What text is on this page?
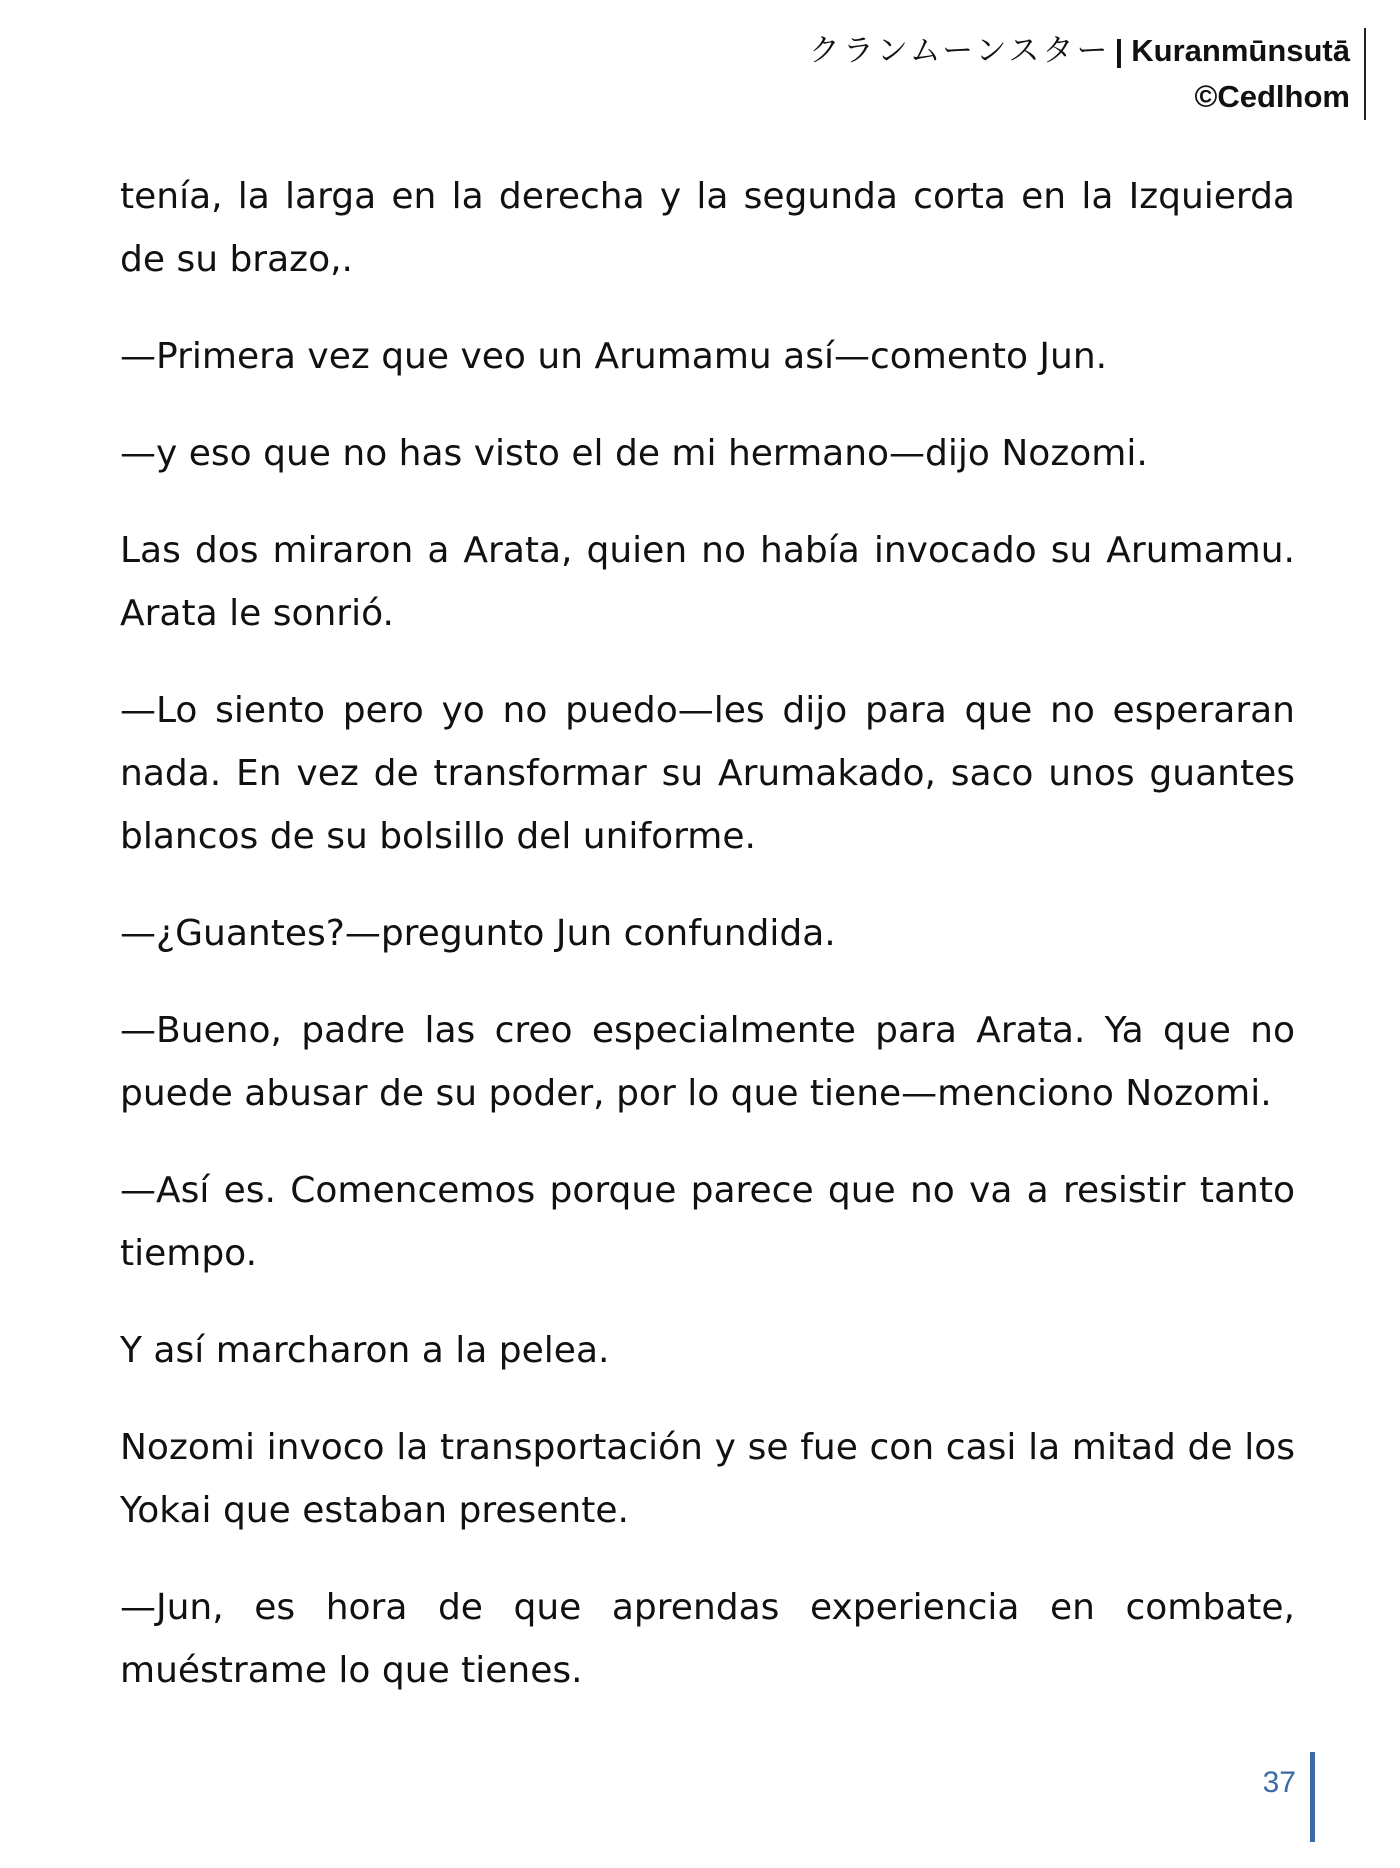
クランムーンスター | Kuranmūnsutā
©Cedlhom

tenía, la larga en la derecha y la segunda corta en la Izquierda de su brazo,.

—Primera vez que veo un Arumamu así—comento Jun.

—y eso que no has visto el de mi hermano—dijo Nozomi.

Las dos miraron a Arata, quien no había invocado su Arumamu. Arata le sonrió.

—Lo siento pero yo no puedo—les dijo para que no esperaran nada. En vez de transformar su Arumakado, saco unos guantes blancos de su bolsillo del uniforme.

—¿Guantes?—pregunto Jun confundida.

—Bueno, padre las creo especialmente para Arata. Ya que no puede abusar de su poder, por lo que tiene—menciono Nozomi.

—Así es. Comencemos porque parece que no va a resistir tanto tiempo.

Y así marcharon a la pelea.

Nozomi invoco la transportación y se fue con casi la mitad de los Yokai que estaban presente.

—Jun, es hora de que aprendas experiencia en combate, muéstrame lo que tienes.

37
